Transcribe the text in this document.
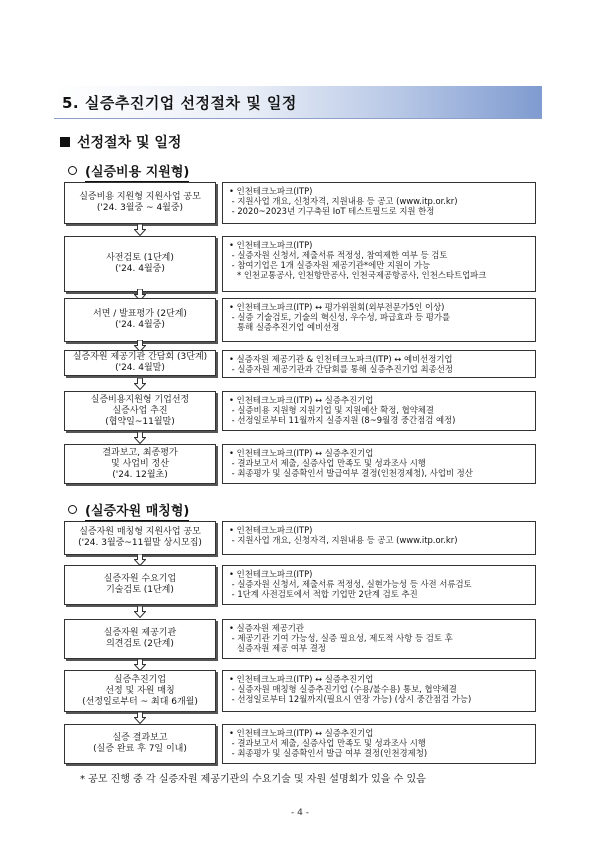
5. 실증추진기업 선정절차 및 일정
선정절차 및 일정
(실증비용 지원형)
실증비용 지원형 지원사업 공모
('24. 3월중 ~ 4월중)
• 인천테크노파크(ITP)
- 지원사업 개요, 신청자격, 지원내용 등 공고 (www.itp.or.kr)
- 2020~2023년 기구축된 IoT 테스트필드로 지원 한정
사전검토 (1단계)
('24. 4월중)
• 인천테크노파크(ITP)
- 실증자원 신청서, 제출서류 적정성, 참여제한 여부 등 검토
- 참여기업은 1개 실증자원 제공기관*에만 지원이 가능
* 인천교통공사, 인천항만공사, 인천국제공항공사, 인천스타트업파크
서면 / 발표평가 (2단계)
('24. 4월중)
• 인천테크노파크(ITP) ↔ 평가위원회(외부전문가5인 이상)
- 실증 기술검토, 기술의 혁신성, 우수성, 파급효과 등 평가를
통해 실증추진기업 예비선정
실증자원 제공기관 간담회 (3단계)
('24. 4월말)
• 실증자원 제공기관 & 인천테크노파크(ITP) ↔ 예비선정기업
- 실증자원 제공기관과 간담회를 통해 실증추진기업 최종선정
실증비용지원형 기업선정
실증사업 추진
(협약일~11월말)
• 인천테크노파크(ITP) ↔ 실증추진기업
- 실증비용 지원형 지원기업 및 지원예산 확정, 협약체결
- 선정일로부터 11월까지 실증지원 (8~9월경 중간점검 예정)
결과보고, 최종평가
및 사업비 정산
('24. 12월초)
• 인천테크노파크(ITP) ↔ 실증추진기업
- 결과보고서 제출, 실증사업 만족도 및 성과조사 시행
- 최종평가 및 실증확인서 발급여부 결정(인천경제청), 사업비 정산
(실증자원 매칭형)
실증자원 매칭형 지원사업 공모
('24. 3월중~11월말 상시모집)
• 인천테크노파크(ITP)
- 지원사업 개요, 신청자격, 지원내용 등 공고 (www.itp.or.kr)
실증자원 수요기업
기술검토 (1단계)
• 인천테크노파크(ITP)
- 실증자원 신청서, 제출서류 적정성, 실현가능성 등 사전 서류검토
- 1단계 사전검토에서 적합 기업만 2단계 검토 추진
실증자원 제공기관
의견검토 (2단계)
• 실증자원 제공기관
- 제공기관 기여 가능성, 실증 필요성, 제도적 사항 등 검토 후
실증자원 제공 여부 결정
실증추진기업
선정 및 자원 매칭
(선정일로부터 ~ 최대 6개월)
• 인천테크노파크(ITP) ↔ 실증추진기업
- 실증자원 매칭형 실증추진기업 (수용/불수용) 통보, 협약체결
- 선정일로부터 12월까지(필요시 연장 가능) (상시 중간점검 가능)
실증 결과보고
(실증 완료 후 7일 이내)
• 인천테크노파크(ITP) ↔ 실증추진기업
- 결과보고서 제출, 실증사업 만족도 및 성과조사 시행
- 최종평가 및 실증확인서 발급 여부 결정(인천경제청)
* 공모 진행 중 각 실증자원 제공기관의 수요기술 및 자원 설명회가 있을 수 있음
- 4 -
